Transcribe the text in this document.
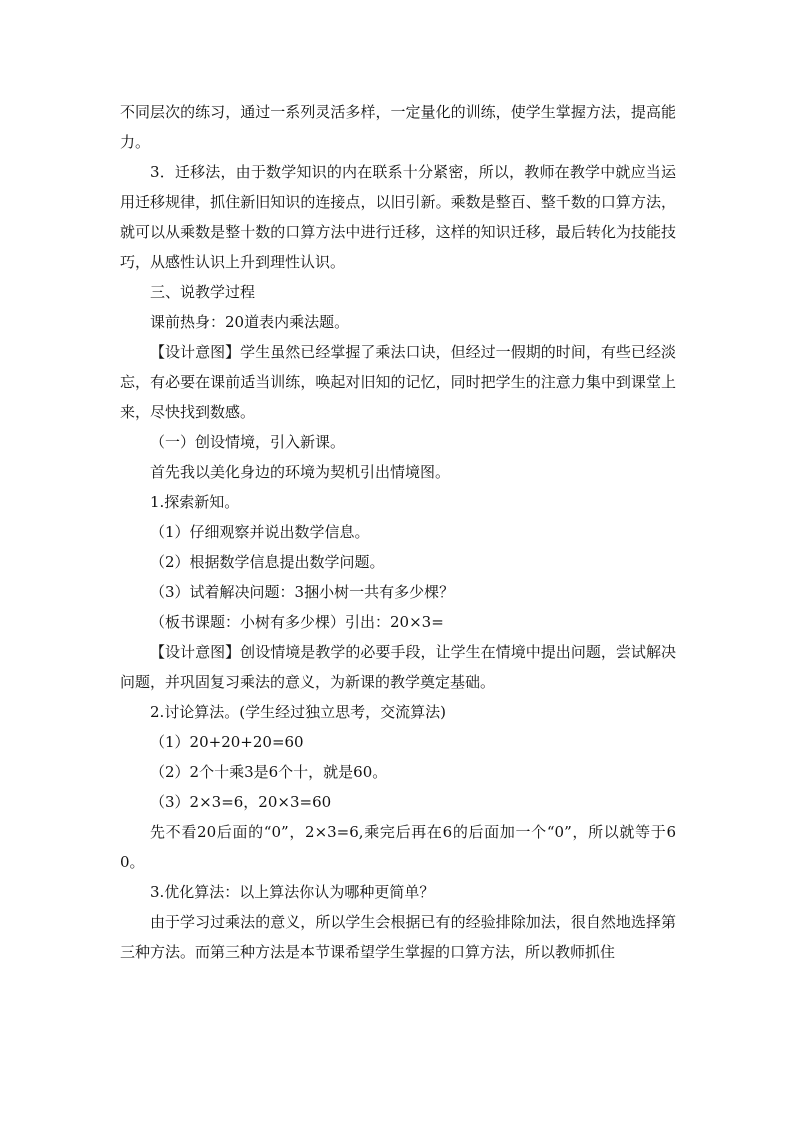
不同层次的练习，通过一系列灵活多样，一定量化的训练，使学生掌握方法，提高能力。

3．迁移法，由于数学知识的内在联系十分紧密，所以，教师在教学中就应当运用迁移规律，抓住新旧知识的连接点，以旧引新。乘数是整百、整千数的口算方法，就可以从乘数是整十数的口算方法中进行迁移，这样的知识迁移，最后转化为技能技巧，从感性认识上升到理性认识。

三、说教学过程

课前热身：20道表内乘法题。

【设计意图】学生虽然已经掌握了乘法口诀，但经过一假期的时间，有些已经淡忘，有必要在课前适当训练，唤起对旧知的记忆，同时把学生的注意力集中到课堂上来，尽快找到数感。

（一）创设情境，引入新课。

首先我以美化身边的环境为契机引出情境图。

1.探索新知。

（1）仔细观察并说出数学信息。

（2）根据数学信息提出数学问题。

（3）试着解决问题：3捆小树一共有多少棵？

（板书课题：小树有多少棵）引出：20×3=

【设计意图】创设情境是教学的必要手段，让学生在情境中提出问题，尝试解决问题，并巩固复习乘法的意义，为新课的教学奠定基础。

2.讨论算法。(学生经过独立思考，交流算法)

（1）20+20+20=60

（2）2个十乘3是6个十，就是60。

（3）2×3=6，20×3=60

先不看20后面的“0”，2×3=6,乘完后再在6的后面加一个“0”，所以就等于60。

3.优化算法：以上算法你认为哪种更简单？

由于学习过乘法的意义，所以学生会根据已有的经验排除加法，很自然地选择第三种方法。而第三种方法是本节课希望学生掌握的口算方法，所以教师抓住
